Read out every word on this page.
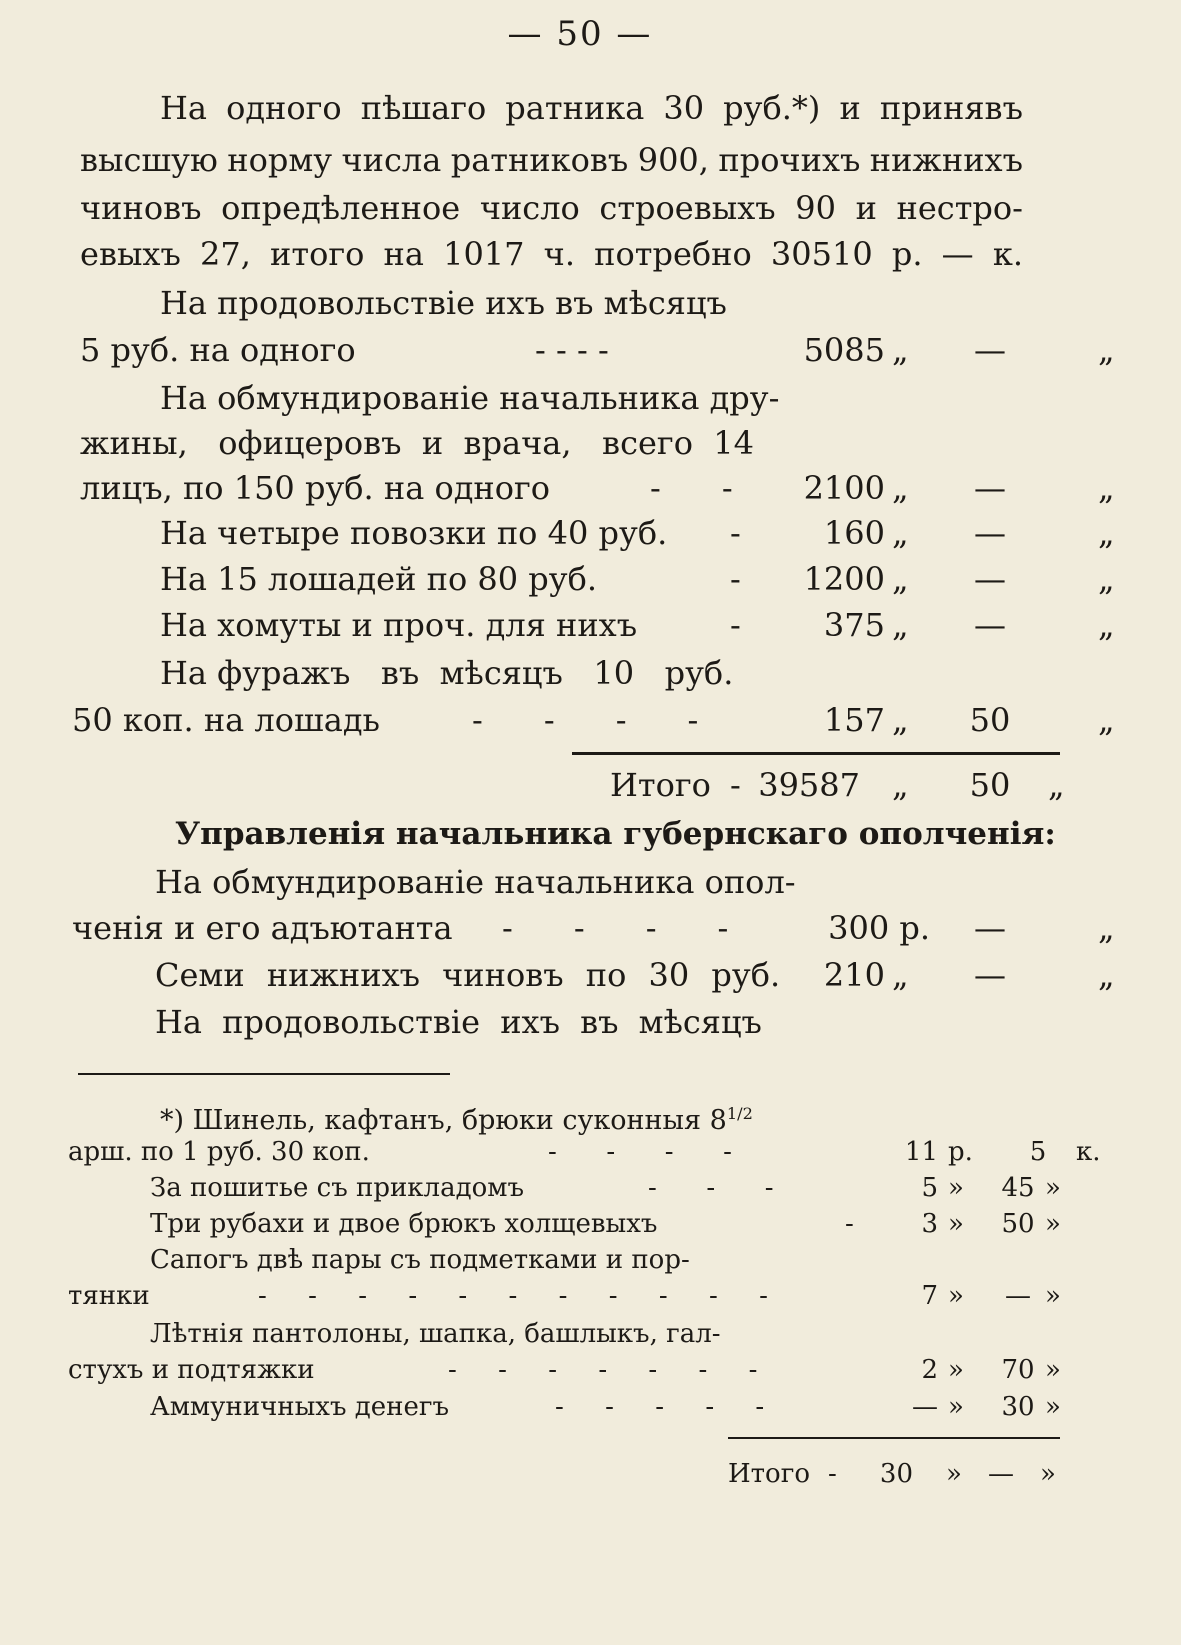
— 50 —
На одного пѣшаго ратника 30 руб.*) и принявъ
высшую норму числа ратниковъ 900, прочихъ нижнихъ
чиновъ опредѣленное число строевыхъ 90 и нестро-
евыхъ 27, итого на 1017 ч. потребно 30510 р. — к.
На продовольствіе ихъ въ мѣсяцъ
5 руб. на одного	- - - -	5085 „	—	„
На обмундированіе начальника дру-
жины,   офицеровъ  и  врача,   всего  14
лицъ, по 150 руб. на одного	-      -	2100 „	—	„
На четыре повозки по 40 руб. -	160 „	—	„
На 15 лошадей по 80 руб.	-	1200 „	—	„
На хомуты и проч. для нихъ	-	375 „	—	„
На фуражъ   въ  мѣсяцъ   10   руб.
50 коп. на лошадь	-      -      -      -	157 „	50	„
Итого - 39587 „	50	„
Управленія начальника губернскаго ополченія:
На обмундированіе начальника опол-
ченія и его адъютанта -      -      -      -	300 р.	—	„
Семи нижнихъ чиновъ по 30 руб.	210 „	—	„
На продовольствіе ихъ въ мѣсяцъ
*) Шинель, кафтанъ, брюки суконныя $8^{1/2}$
арш. по 1 руб. 30 коп.	-      -      -      -	11 р.	5	к.
За пошитье съ прикладомъ	-      -      -	5 »	45 »
Три рубахи и двое брюкъ холщевыхъ	-	3 »	50 »
Сапогъ двѣ пары съ подметками и пор-
тянки	-     -     -     -     -     -     -     -     -     -     -	7 »	— »
Лѣтнія пантолоны, шапка, башлыкъ, гал-
стухъ и подтяжки	-     -     -     -     -     -     -	2 »	70 »
Аммуничныхъ денегъ	-     -     -     -     -	— »	30 »
Итого -	30 »	—	»
